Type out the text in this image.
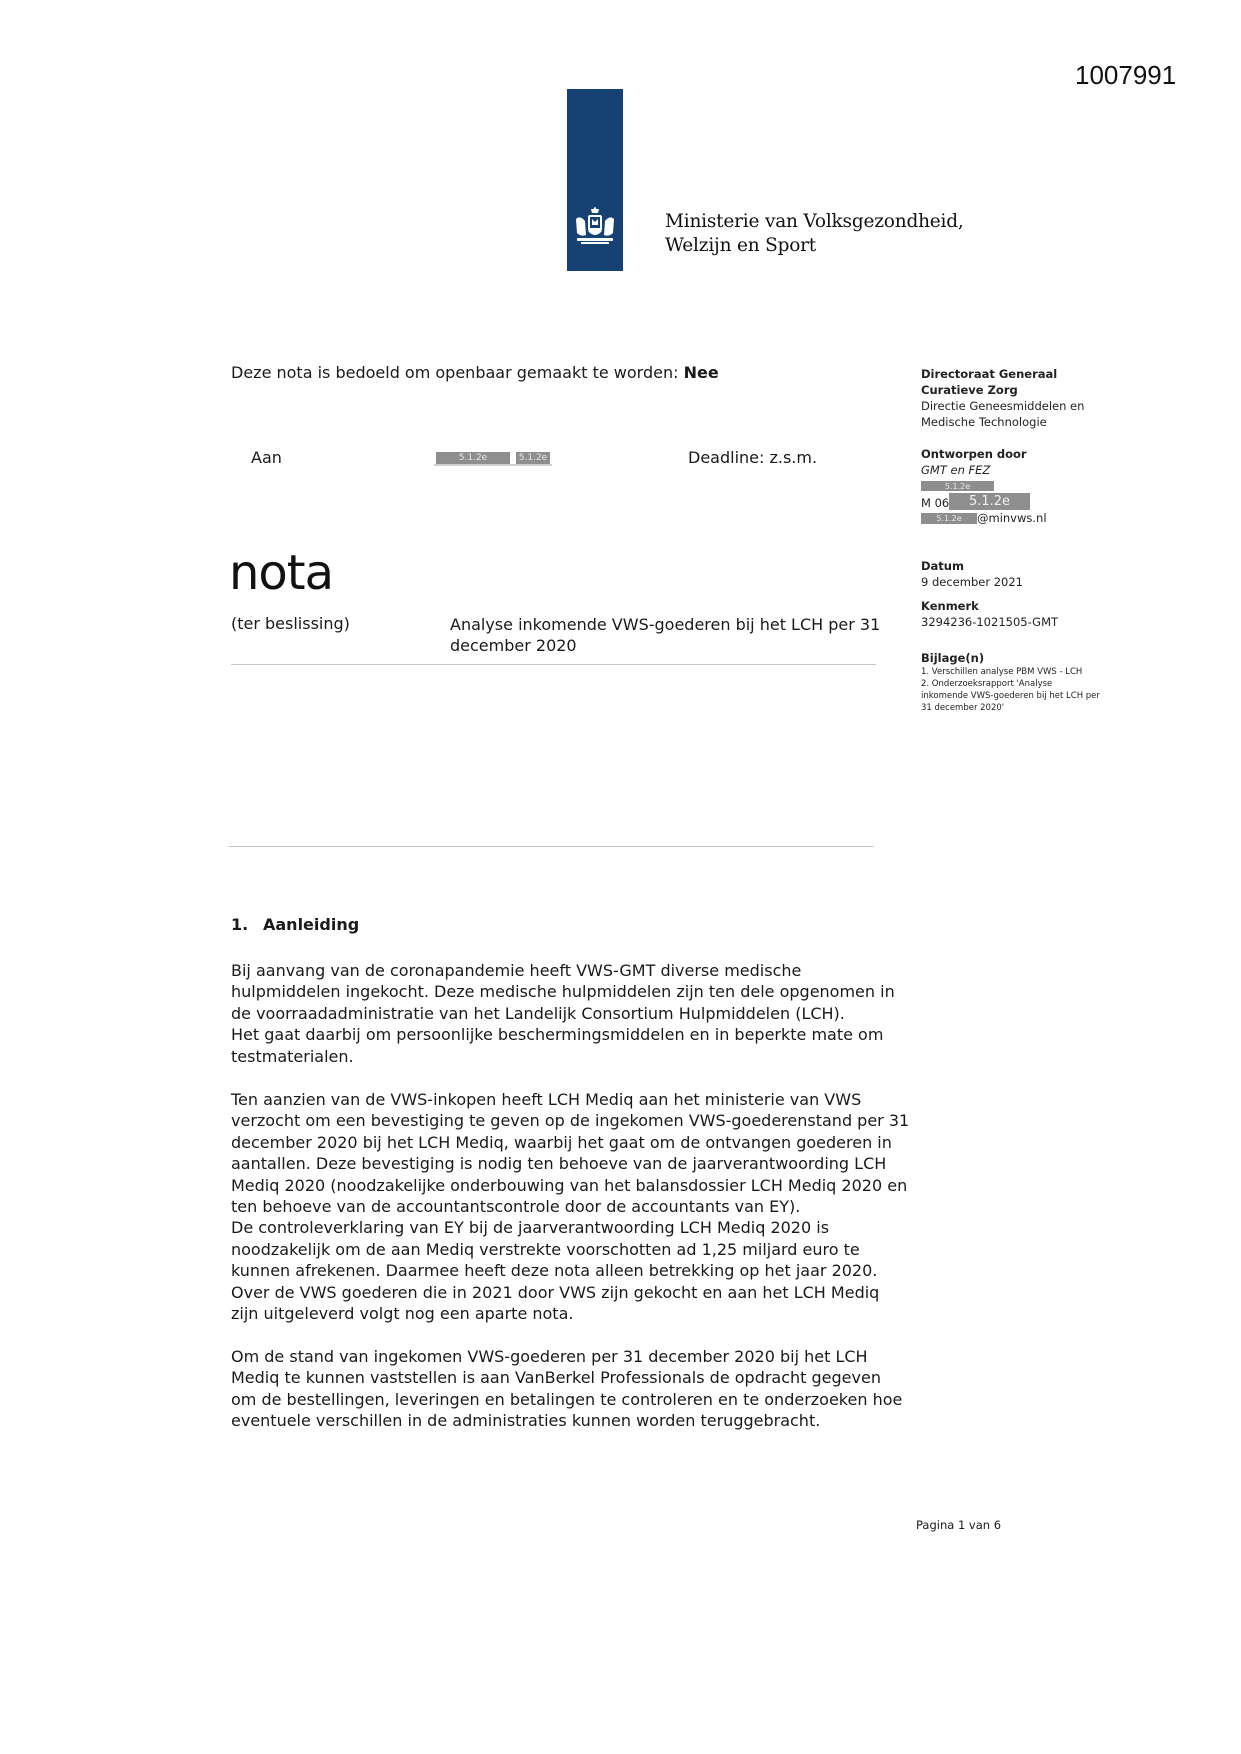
1007991
Ministerie van Volksgezondheid,
Welzijn en Sport
Deze nota is bedoeld om openbaar gemaakt te worden: Nee
Aan	5.1.2e	5.1.2e	Deadline: z.s.m.
nota
(ter beslissing)	Analyse inkomende VWS-goederen bij het LCH per 31 december 2020
Directoraat Generaal
Curatieve Zorg
Directie Geneesmiddelen en
Medische Technologie
Ontworpen door
GMT en FEZ
5.1.2e
M 06	5.1.2e
5.1.2e	@minvws.nl
Datum
9 december 2021
Kenmerk
3294236-1021505-GMT
Bijlage(n)
1. Verschillen analyse PBM VWS - LCH
2. Onderzoeksrapport 'Analyse inkomende VWS-goederen bij het LCH per 31 december 2020'
1. Aanleiding

Bij aanvang van de coronapandemie heeft VWS-GMT diverse medische hulpmiddelen ingekocht. Deze medische hulpmiddelen zijn ten dele opgenomen in de voorraadadministratie van het Landelijk Consortium Hulpmiddelen (LCH).

Het gaat daarbij om persoonlijke beschermingsmiddelen en in beperkte mate om testmaterialen.

Ten aanzien van de VWS-inkopen heeft LCH Mediq aan het ministerie van VWS verzocht om een bevestiging te geven op de ingekomen VWS-goederenstand per 31 december 2020 bij het LCH Mediq, waarbij het gaat om de ontvangen goederen in aantallen. Deze bevestiging is nodig ten behoeve van de jaarverantwoording LCH Mediq 2020 (noodzakelijke onderbouwing van het balansdossier LCH Mediq 2020 en ten behoeve van de accountantscontrole door de accountants van EY).

De controleverklaring van EY bij de jaarverantwoording LCH Mediq 2020 is noodzakelijk om de aan Mediq verstrekte voorschotten ad 1,25 miljard euro te kunnen afrekenen. Daarmee heeft deze nota alleen betrekking op het jaar 2020. Over de VWS goederen die in 2021 door VWS zijn gekocht en aan het LCH Mediq zijn uitgeleverd volgt nog een aparte nota.

Om de stand van ingekomen VWS-goederen per 31 december 2020 bij het LCH Mediq te kunnen vaststellen is aan VanBerkel Professionals de opdracht gegeven om de bestellingen, leveringen en betalingen te controleren en te onderzoeken hoe eventuele verschillen in de administraties kunnen worden teruggebracht.

Pagina 1 van 6
